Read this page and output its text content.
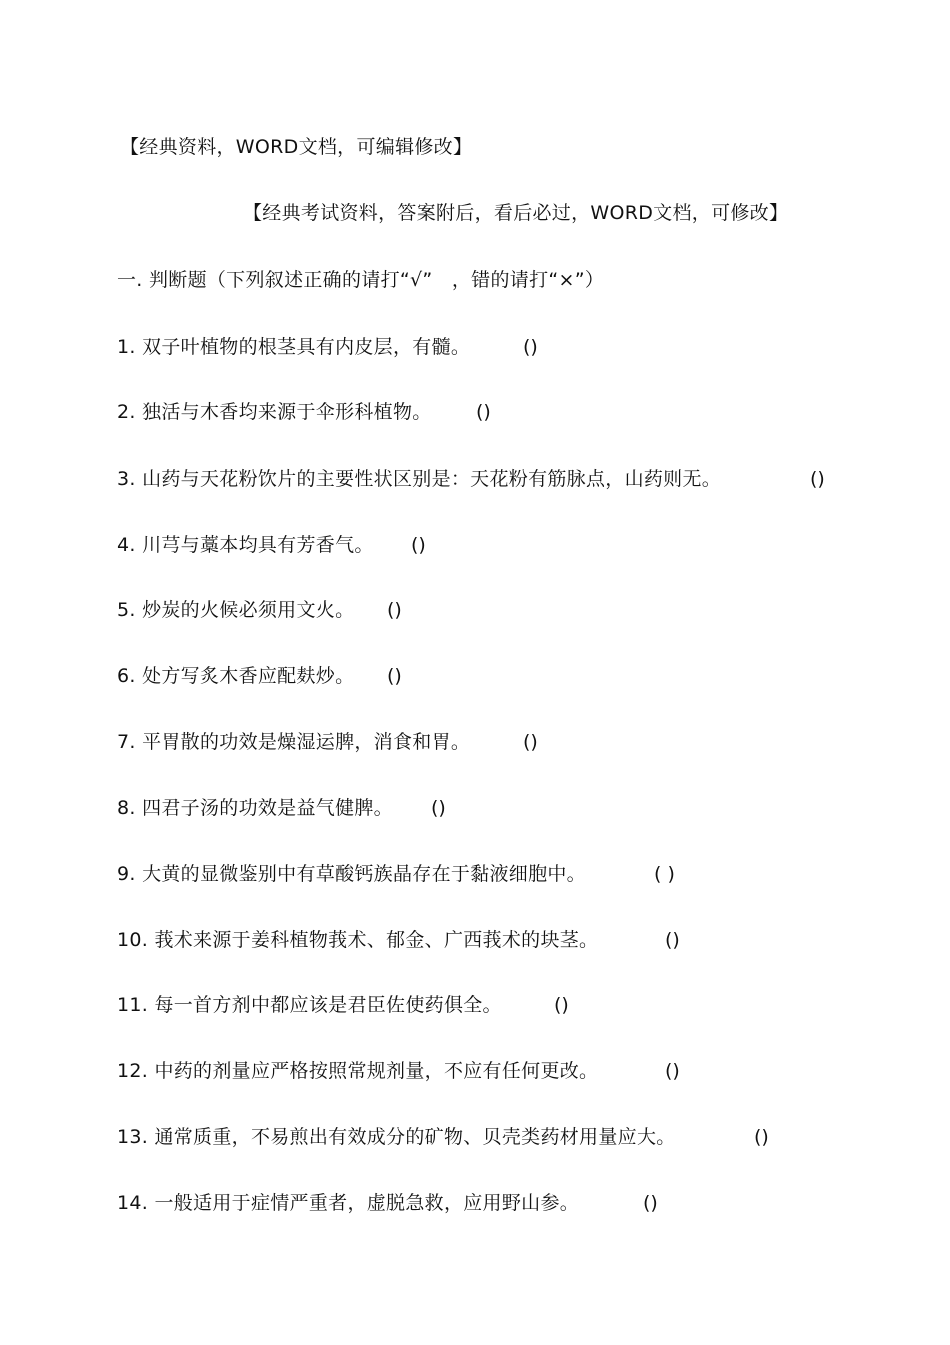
【经典资料，WORD文档，可编辑修改】
【经典考试资料，答案附后，看后必过，WORD文档，可修改】
一. 判断题（下列叙述正确的请打“√”　，错的请打“×”）
1. 双子叶植物的根茎具有内皮层，有髓。	()
2. 独活与木香均来源于伞形科植物。 ()
3. 山药与天花粉饮片的主要性状区别是：天花粉有筋脉点，山药则无。	()
4. 川芎与藁本均具有芳香气。 ()
5. 炒炭的火候必须用文火。 ()
6. 处方写炙木香应配麸炒。 ()
7. 平胃散的功效是燥湿运脾，消食和胃。	()
8. 四君子汤的功效是益气健脾。 ()
9. 大黄的显微鉴别中有草酸钙族晶存在于黏液细胞中。	( )
10. 莪术来源于姜科植物莪术、郁金、广西莪术的块茎。	()
11. 每一首方剂中都应该是君臣佐使药俱全。	()
12. 中药的剂量应严格按照常规剂量，不应有任何更改。	()
13. 通常质重，不易煎出有效成分的矿物、贝壳类药材用量应大。	()
14. 一般适用于症情严重者，虚脱急救，应用野山参。	()
